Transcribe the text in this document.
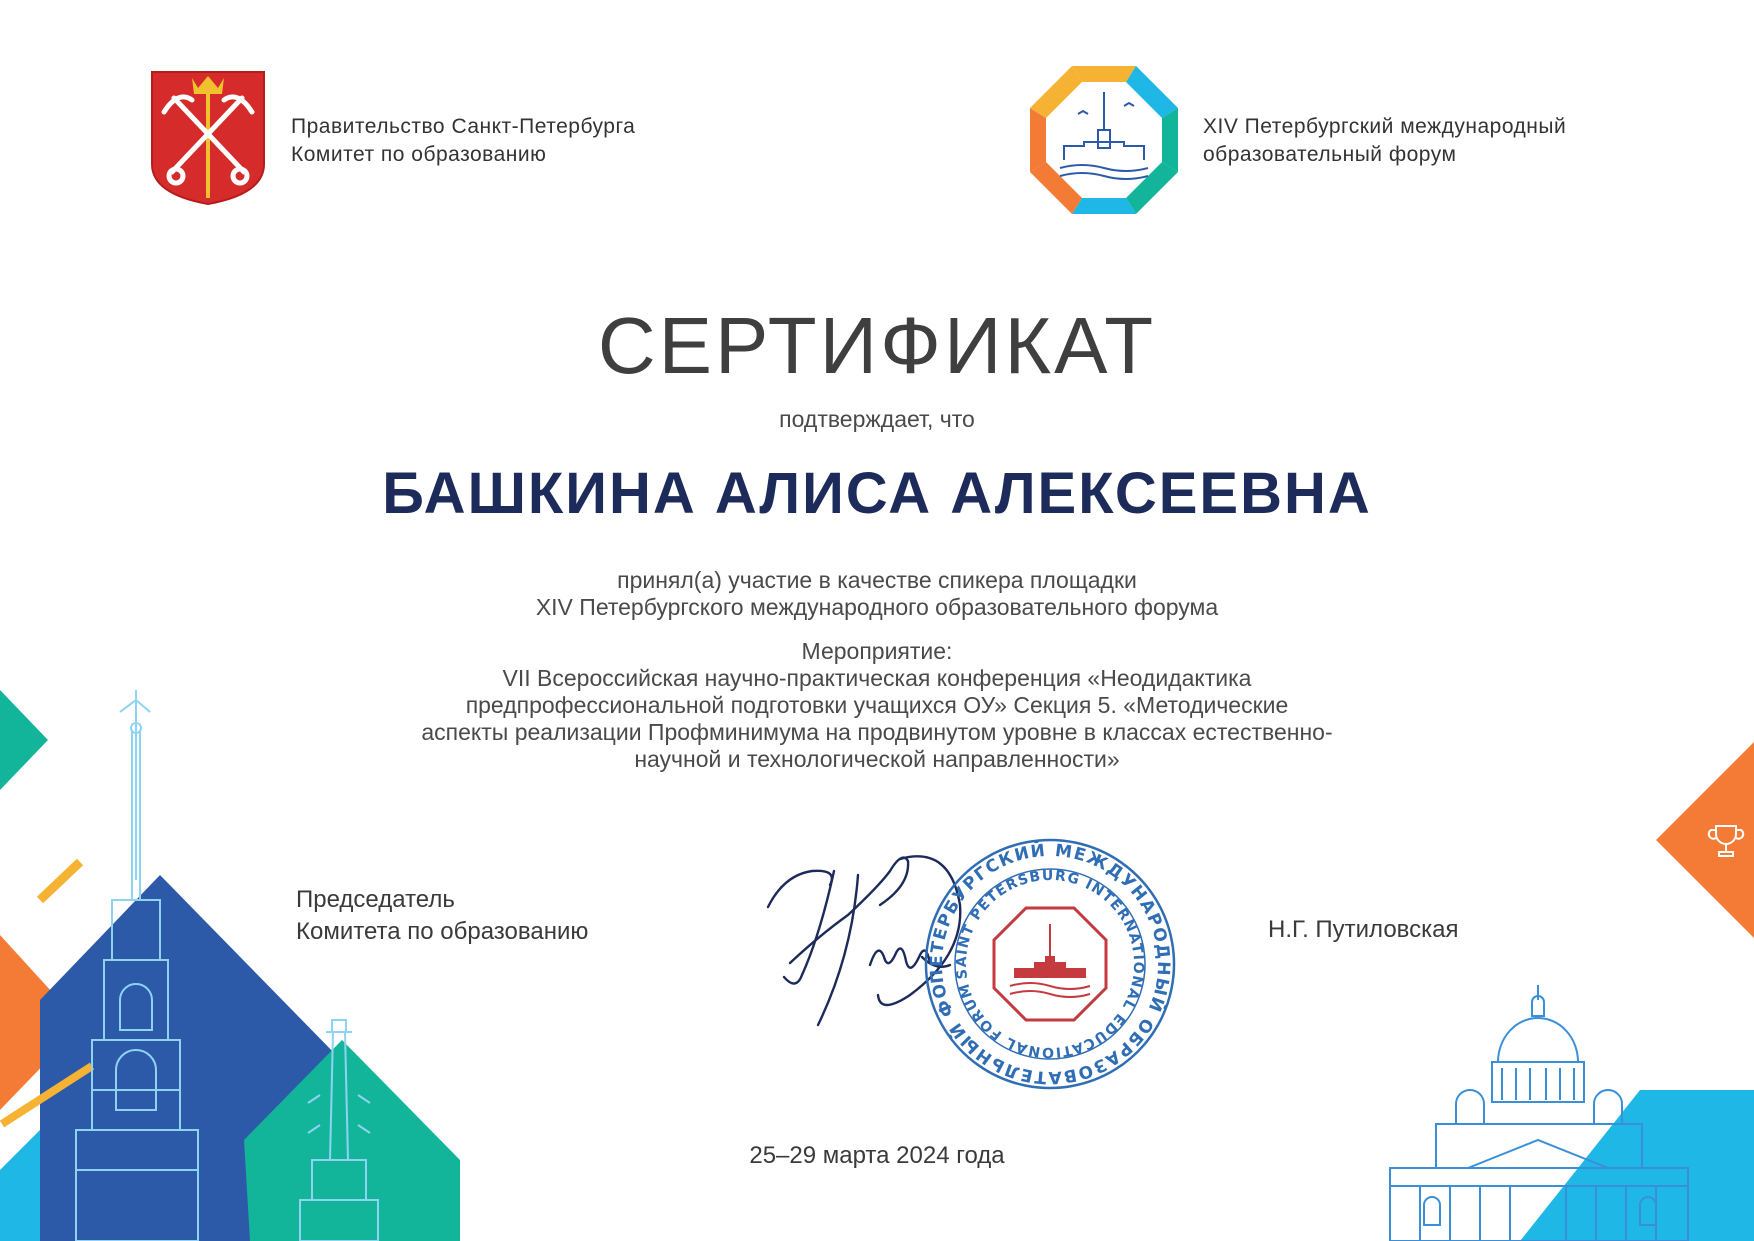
Правительство Санкт-Петербурга
Комитет по образованию
XIV Петербургский международный
образовательный форум
СЕРТИФИКАТ
подтверждает, что
БАШКИНА АЛИСА АЛЕКСЕЕВНА
принял(а) участие в качестве спикера площадки
XIV Петербургского международного образовательного форума
Мероприятие:
VII Всероссийская научно-практическая конференция «Неодидактика
предпрофессиональной подготовки учащихся ОУ» Секция 5. «Методические
аспекты реализации Профминимума на продвинутом уровне в классах естественно-
научной и технологической направленности»
Председатель
Комитета по образованию
ПЕТЕРБУРГСКИЙ МЕЖДУНАРОДНЫЙ ОБРАЗОВАТЕЛЬНЫЙ ФОРУМ
SAINT PETERSBURG INTERNATIONAL EDUCATIONAL FORUM
Н.Г. Путиловская
25–29 марта 2024 года
